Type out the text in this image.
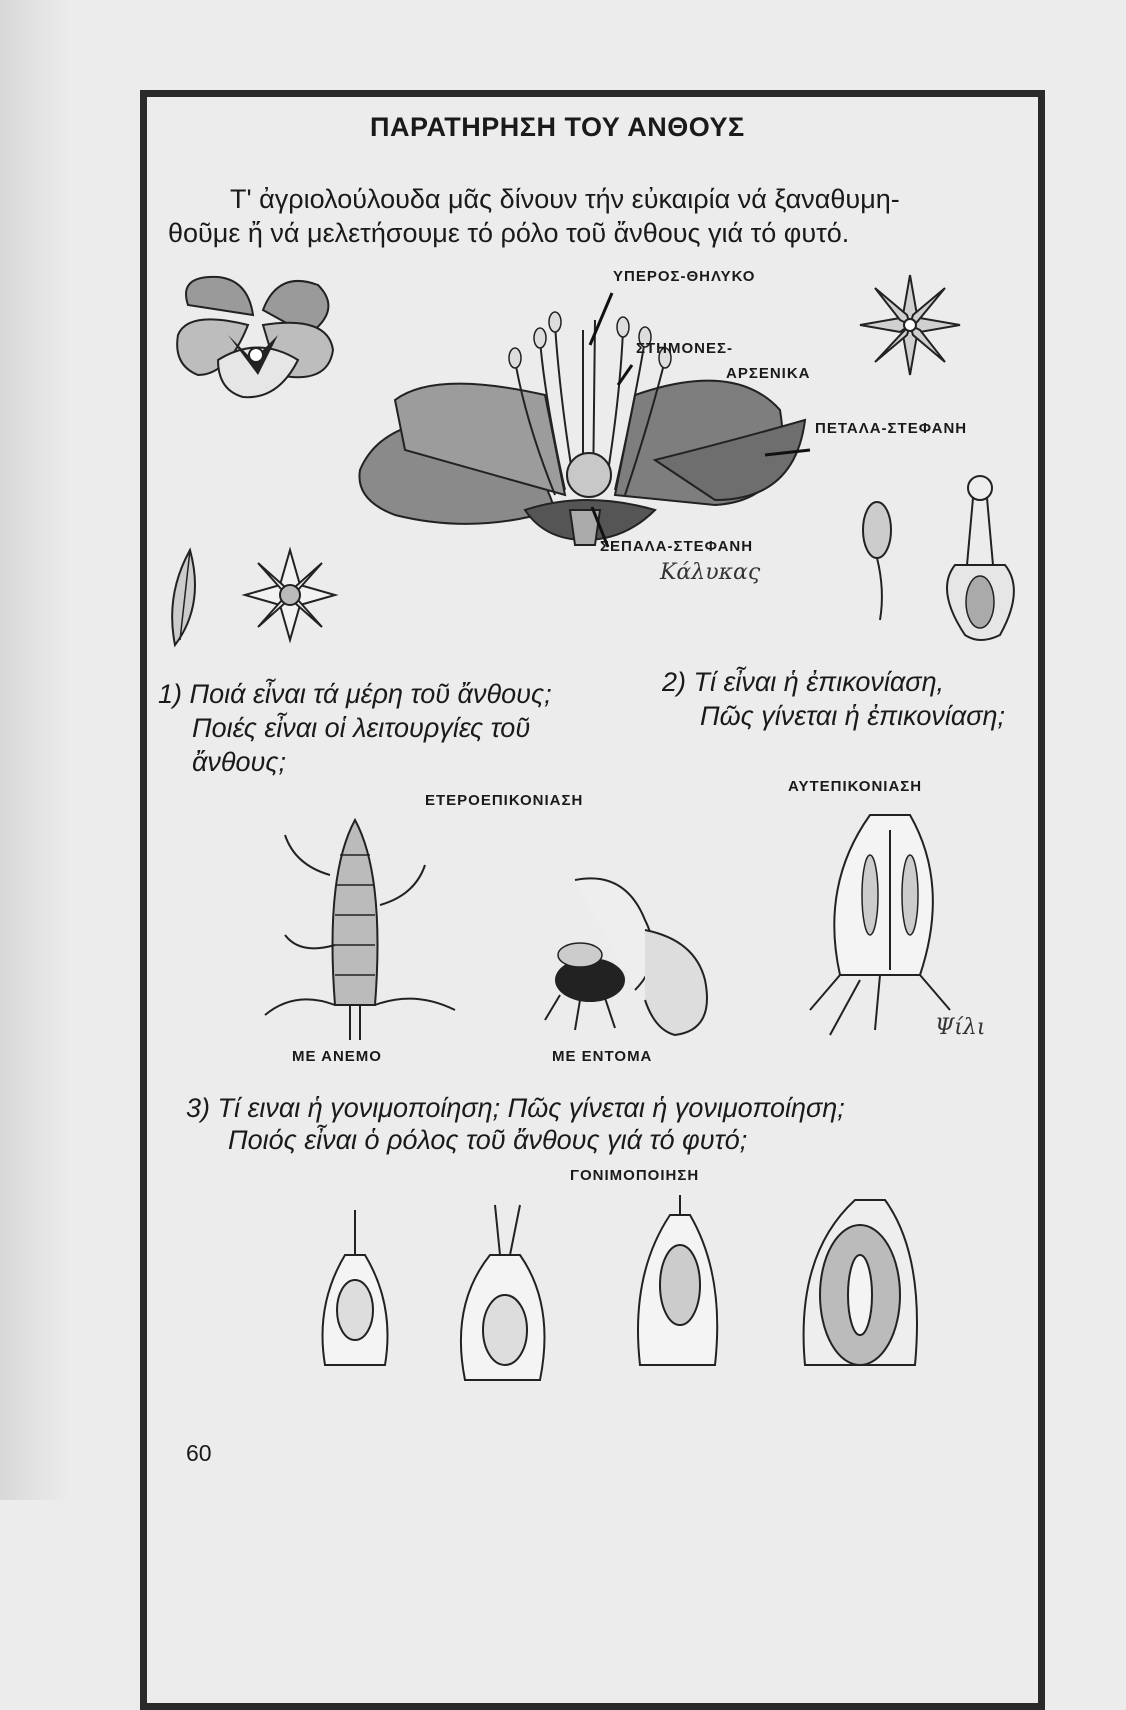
ΠΑΡΑΤΗΡΗΣΗ ΤΟΥ ΑΝΘΟΥΣ
Τ' ἀγριολούλουδα μᾶς δίνουν τήν εὐκαιρία νά ξαναθυμη-
θοῦμε ἤ νά μελετήσουμε τό ρόλο τοῦ ἄνθους γιά τό φυτό.
ΥΠΕΡΟΣ-ΘΗΛΥΚΟ
ΣΤΗΜΟΝΕΣ-
ΑΡΣΕΝΙΚΑ
ΠΕΤΑΛΑ-ΣΤΕΦΑΝΗ
ΣΕΠΑΛΑ-ΣΤΕΦΑΝΗ
Κάλυκας
1) Ποιά εἶναι τά μέρη τοῦ ἄνθους;
Ποιές εἶναι οἱ λειτουργίες τοῦ
ἄνθους;
2) Τί εἶναι ἡ ἐπικονίαση,
Πῶς γίνεται ἡ ἐπικονίαση;
ΕΤΕΡΟΕΠΙΚΟΝΙΑΣΗ
ΑΥΤΕΠΙΚΟΝΙΑΣΗ
Ψίλι
ΜΕ ΑΝΕΜΟ	ΜΕ ΕΝΤΟΜΑ
3) Τί ειναι ἡ γονιμοποίηση; Πῶς γίνεται ἡ γονιμοποίηση;
Ποιός εἶναι ὁ ρόλος τοῦ ἄνθους γιά τό φυτό;
ΓΟΝΙΜΟΠΟΙΗΣΗ
60
